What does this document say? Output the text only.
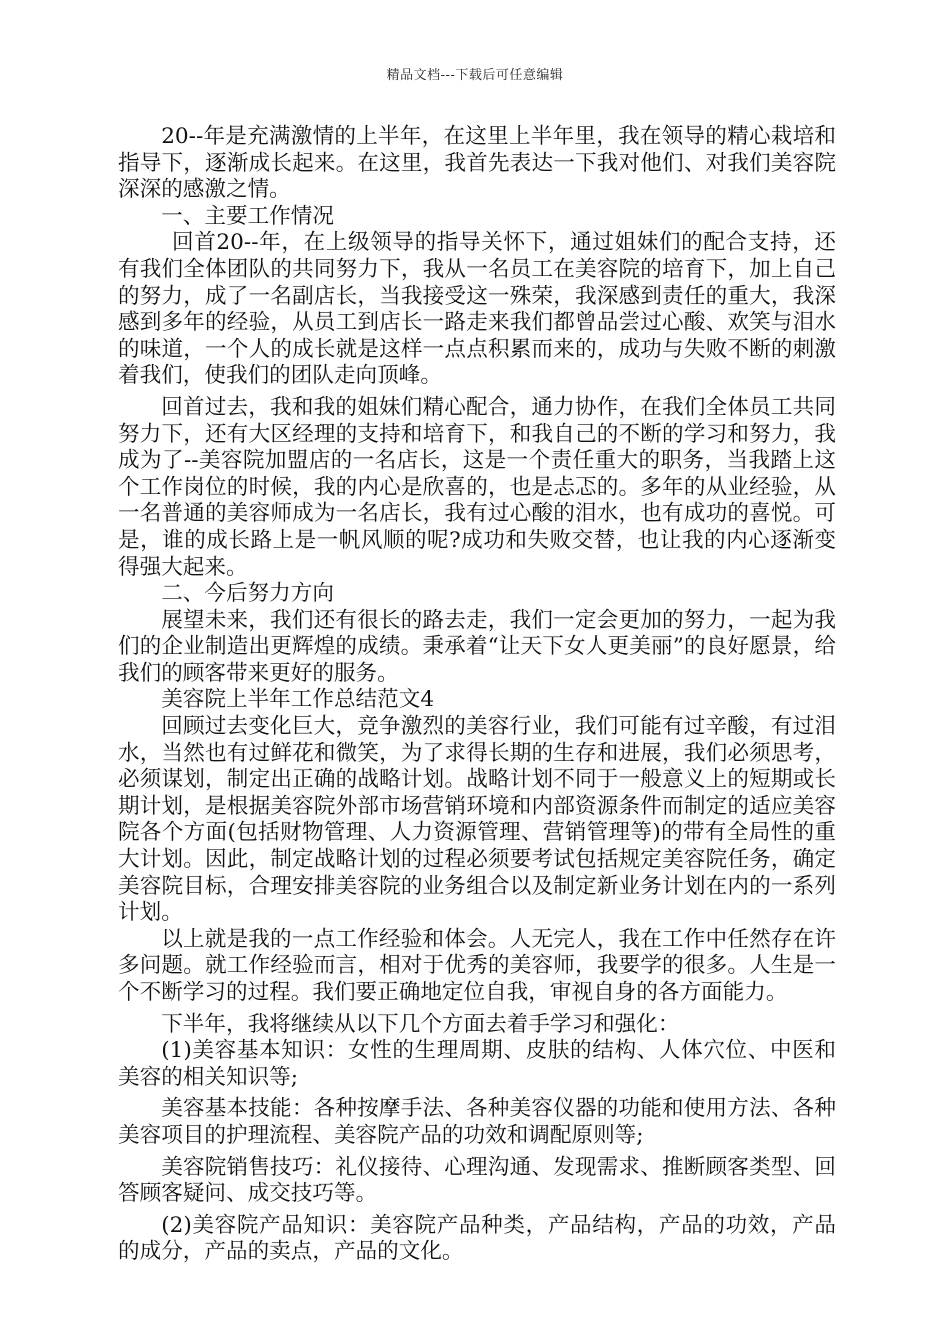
精品文档---下载后可任意编辑

20--年是充满激情的上半年，在这里上半年里，我在领导的精心栽培和指导下，逐渐成长起来。在这里，我首先表达一下我对他们、对我们美容院深深的感激之情。

一、主要工作情况

回首20--年，在上级领导的指导关怀下，通过姐妹们的配合支持，还有我们全体团队的共同努力下，我从一名员工在美容院的培育下，加上自己的努力，成了一名副店长，当我接受这一殊荣，我深感到责任的重大，我深感到多年的经验，从员工到店长一路走来我们都曾品尝过心酸、欢笑与泪水的味道，一个人的成长就是这样一点点积累而来的，成功与失败不断的刺激着我们，使我们的团队走向顶峰。

回首过去，我和我的姐妹们精心配合，通力协作，在我们全体员工共同努力下，还有大区经理的支持和培育下，和我自己的不断的学习和努力，我成为了--美容院加盟店的一名店长，这是一个责任重大的职务，当我踏上这个工作岗位的时候，我的内心是欣喜的，也是忐忑的。多年的从业经验，从一名普通的美容师成为一名店长，我有过心酸的泪水，也有成功的喜悦。可是，谁的成长路上是一帆风顺的呢?成功和失败交替，也让我的内心逐渐变得强大起来。

二、今后努力方向

展望未来，我们还有很长的路去走，我们一定会更加的努力，一起为我们的企业制造出更辉煌的成绩。秉承着“让天下女人更美丽”的良好愿景，给我们的顾客带来更好的服务。

美容院上半年工作总结范文4

回顾过去变化巨大，竞争激烈的美容行业，我们可能有过辛酸，有过泪水，当然也有过鲜花和微笑，为了求得长期的生存和进展，我们必须思考，必须谋划，制定出正确的战略计划。战略计划不同于一般意义上的短期或长期计划，是根据美容院外部市场营销环境和内部资源条件而制定的适应美容院各个方面(包括财物管理、人力资源管理、营销管理等)的带有全局性的重大计划。因此，制定战略计划的过程必须要考试包括规定美容院任务，确定美容院目标，合理安排美容院的业务组合以及制定新业务计划在内的一系列计划。

以上就是我的一点工作经验和体会。人无完人，我在工作中任然存在许多问题。就工作经验而言，相对于优秀的美容师，我要学的很多。人生是一个不断学习的过程。我们要正确地定位自我，审视自身的各方面能力。

下半年，我将继续从以下几个方面去着手学习和强化：

(1)美容基本知识：女性的生理周期、皮肤的结构、人体穴位、中医和美容的相关知识等;

美容基本技能：各种按摩手法、各种美容仪器的功能和使用方法、各种美容项目的护理流程、美容院产品的功效和调配原则等;

美容院销售技巧：礼仪接待、心理沟通、发现需求、推断顾客类型、回答顾客疑问、成交技巧等。

(2)美容院产品知识：美容院产品种类，产品结构，产品的功效，产品的成分，产品的卖点，产品的文化。
